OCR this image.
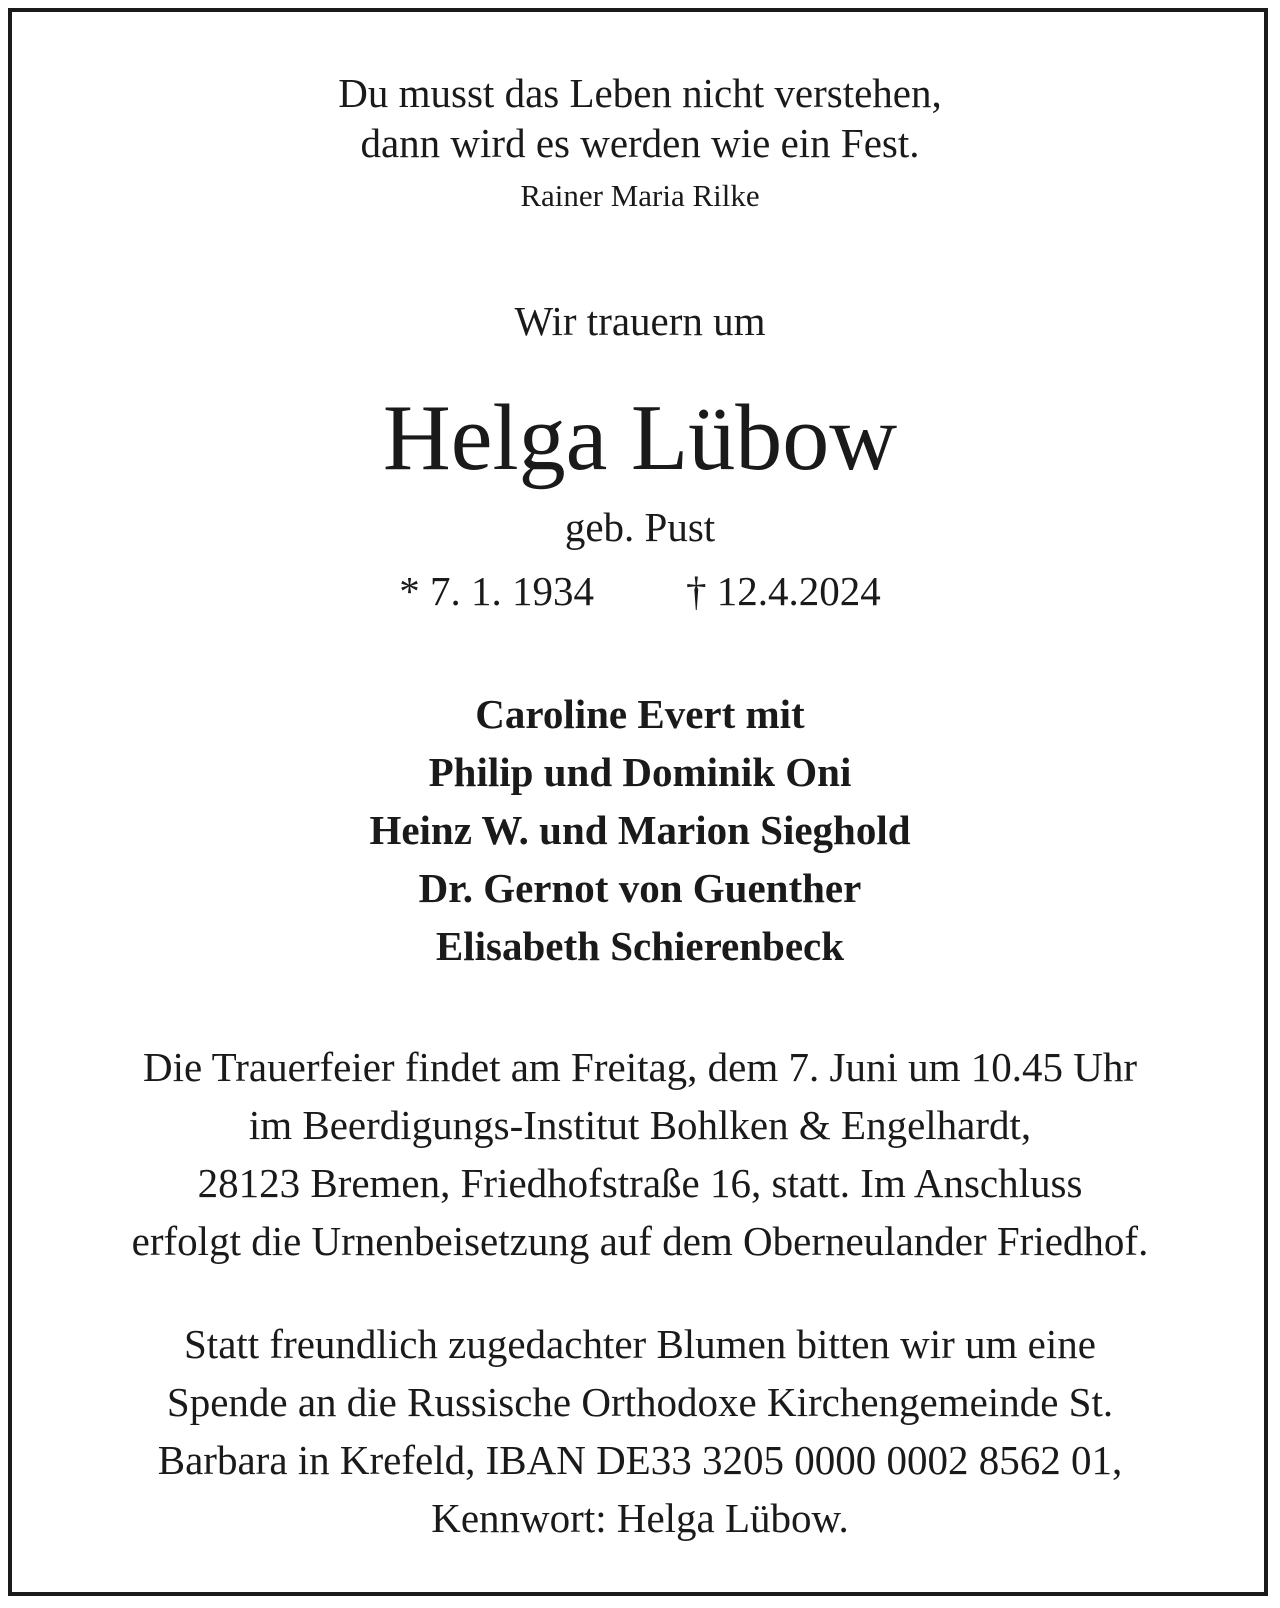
Du musst das Leben nicht verstehen,

dann wird es werden wie ein Fest.

Rainer Maria Rilke

Wir trauern um

Helga Lübow

geb. Pust

* 7. 1. 1934 † 12.4.2024

Caroline Evert mit

Philip und Dominik Oni

Heinz W. und Marion Sieghold

Dr. Gernot von Guenther

Elisabeth Schierenbeck

Die Trauerfeier findet am Freitag, dem 7. Juni um 10.45 Uhr

im Beerdigungs-Institut Bohlken & Engelhardt,

28123 Bremen, Friedhofstraße 16, statt. Im Anschluss

erfolgt die Urnenbeisetzung auf dem Oberneulander Friedhof.

Statt freundlich zugedachter Blumen bitten wir um eine

Spende an die Russische Orthodoxe Kirchengemeinde St.

Barbara in Krefeld, IBAN DE33 3205 0000 0002 8562 01,

Kennwort: Helga Lübow.
